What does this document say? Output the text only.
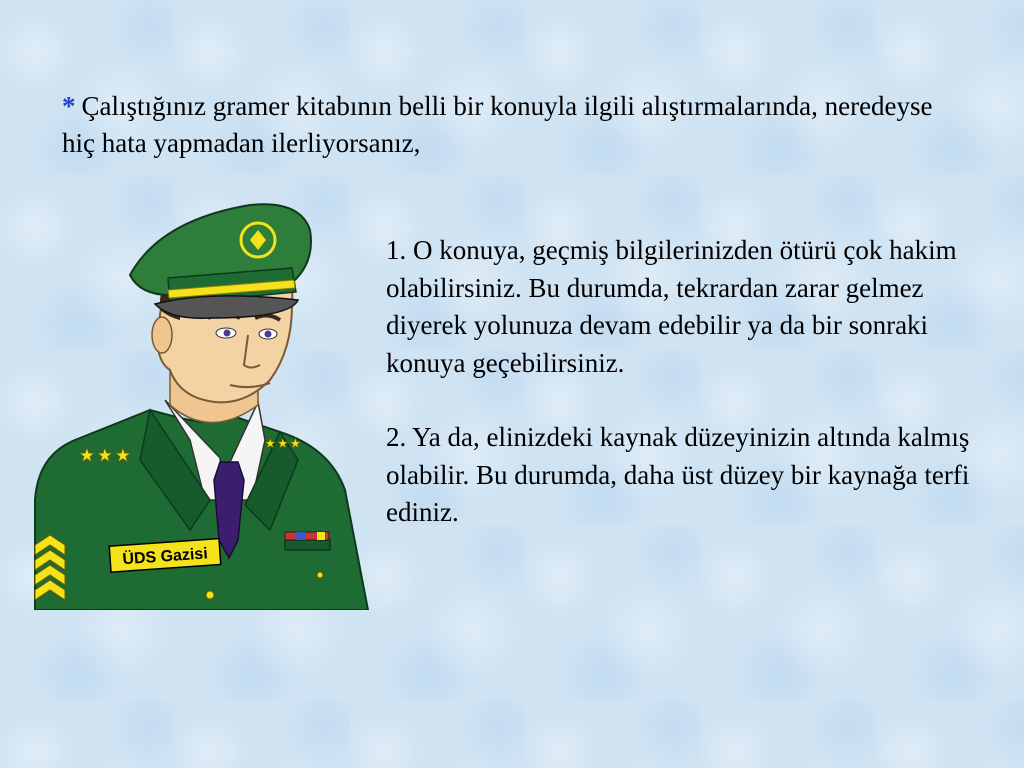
* Çalıştığınız gramer kitabının belli bir konuyla ilgili alıştırmalarında, neredeyse hiç hata yapmadan ilerliyorsanız,

1. O konuya, geçmiş bilgilerinizden ötürü çok hakim olabilirsiniz. Bu durumda, tekrardan zarar gelmez diyerek yolunuza devam edebilir ya da bir sonraki konuya geçebilirsiniz.

2. Ya da, elinizdeki kaynak düzeyinizin altında kalmış olabilir. Bu durumda, daha üst düzey bir kaynağa terfi ediniz.

★★★
★★★
ÜDS Gazisi
